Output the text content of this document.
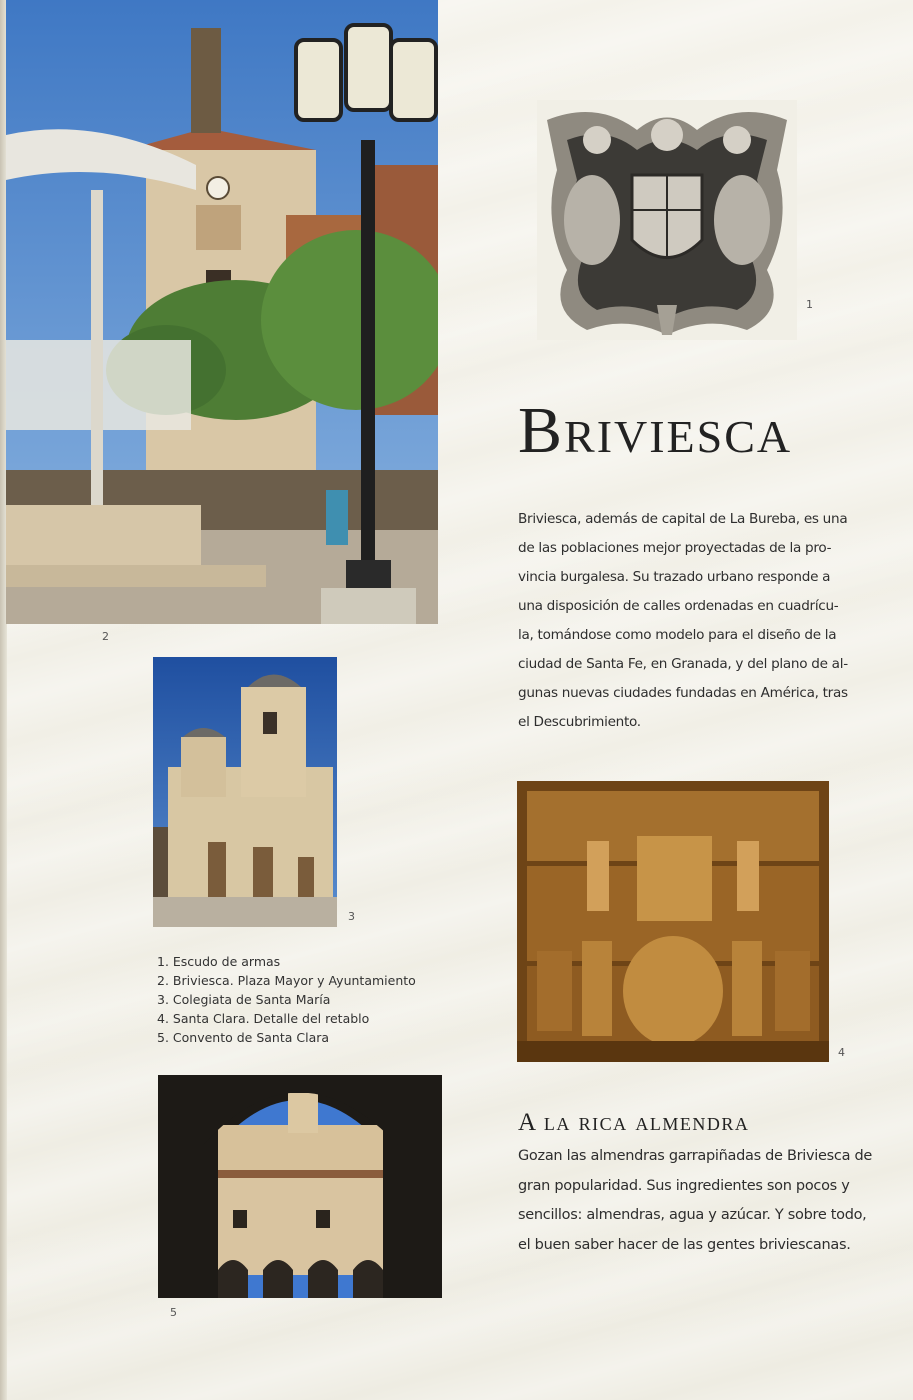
2
1
Briviesca
Briviesca, además de capital de La Bureba, es una
de las poblaciones mejor proyectadas de la pro-
vincia burgalesa. Su trazado urbano responde a
una disposición de calles ordenadas en cuadrícu-
la, tomándose como modelo para el diseño de la
ciudad de Santa Fe, en Granada, y del plano de al-
gunas nuevas ciudades fundadas en América, tras
el Descubrimiento.
3
1. Escudo de armas
2. Briviesca. Plaza Mayor y Ayuntamiento
3. Colegiata de Santa María
4. Santa Clara. Detalle del retablo
5. Convento de Santa Clara
4
5
A la rica almendra
Gozan las almendras garrapiñadas de Briviesca de
gran popularidad. Sus ingredientes son pocos y
sencillos: almendras, agua y azúcar. Y sobre todo,
el buen saber hacer de las gentes briviescanas.
